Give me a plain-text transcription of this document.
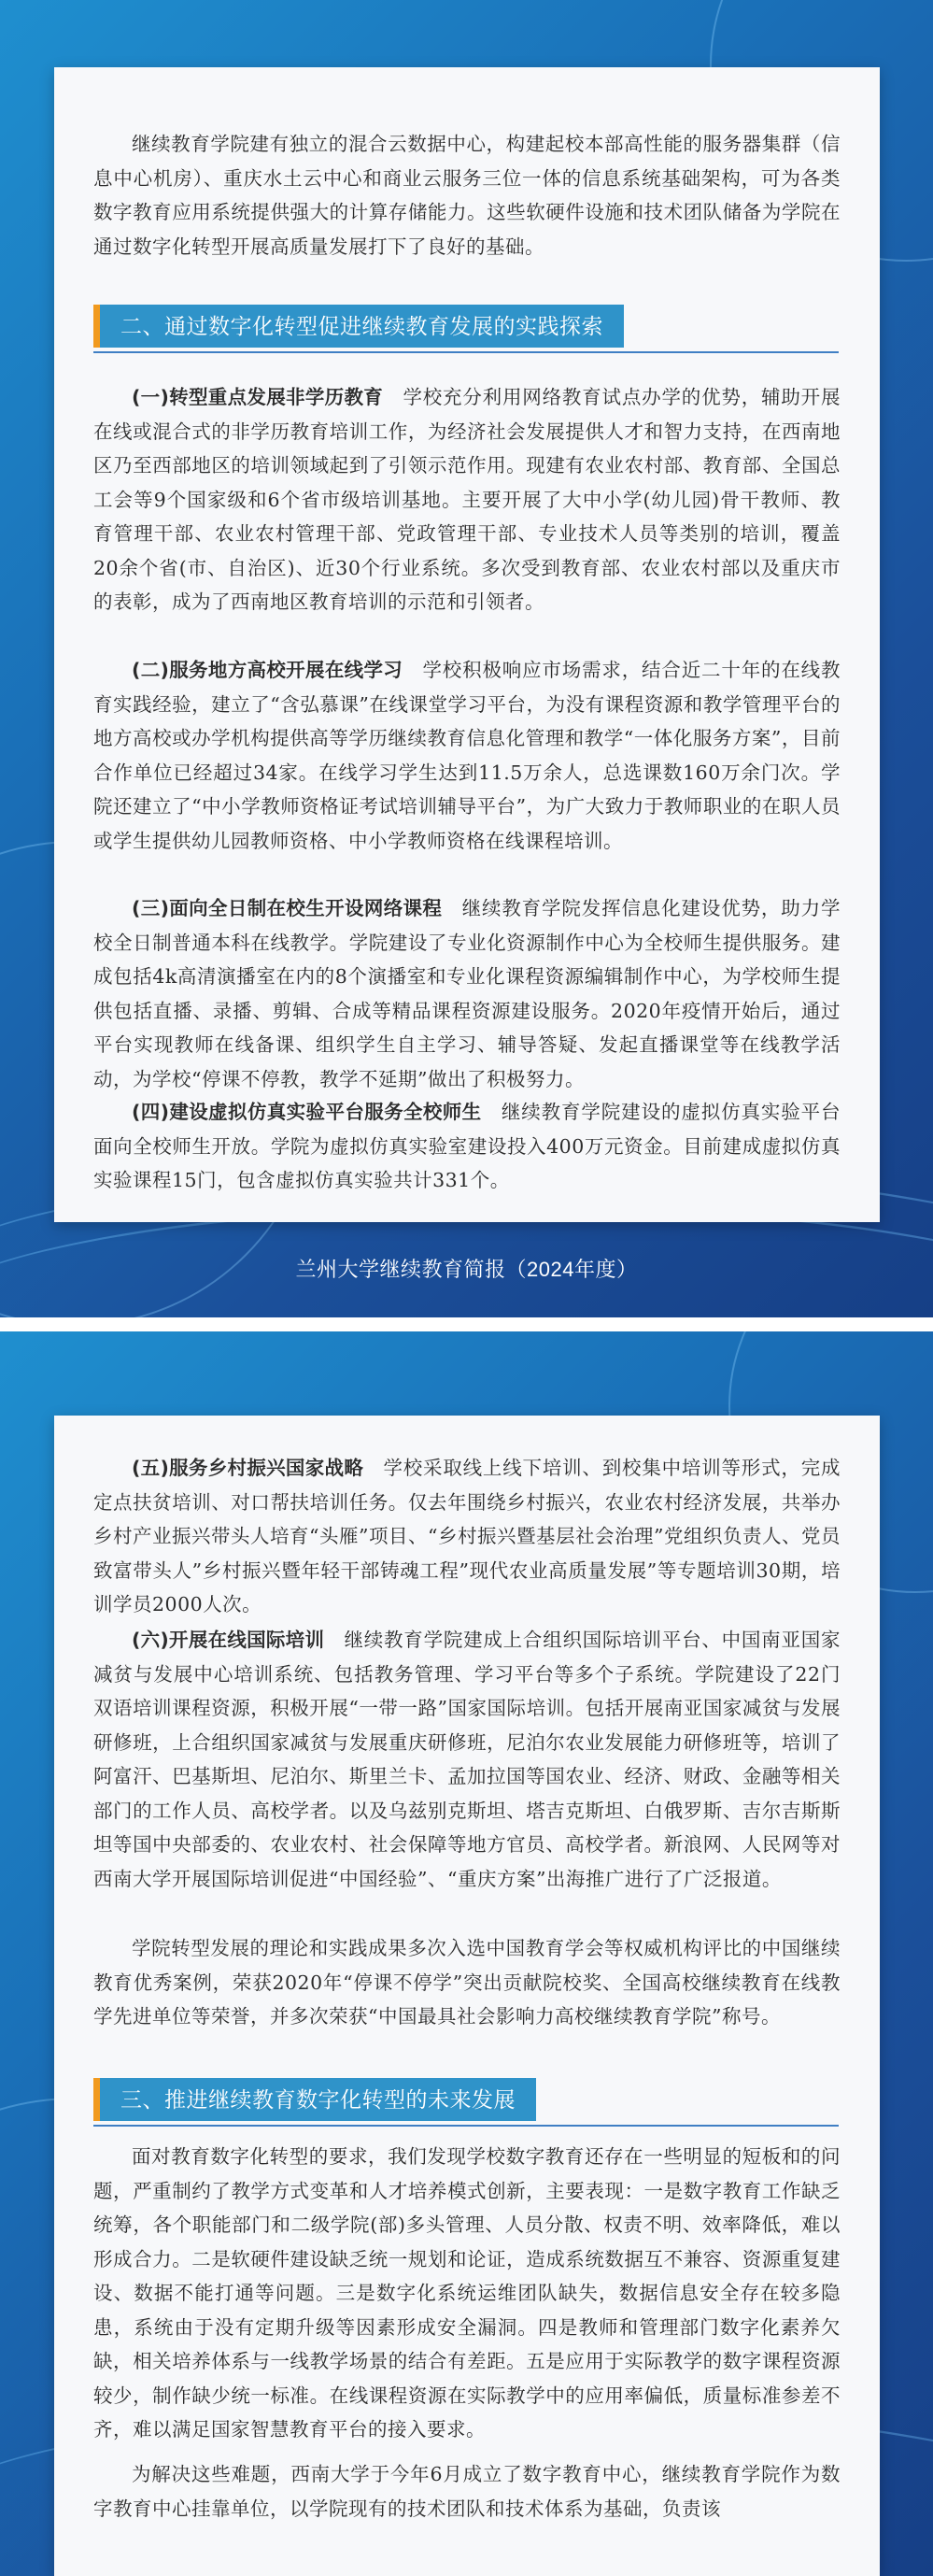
继续教育学院建有独立的混合云数据中心，构建起校本部高性能的服务器集群（信息中心机房）、重庆水土云中心和商业云服务三位一体的信息系统基础架构，可为各类数字教育应用系统提供强大的计算存储能力。这些软硬件设施和技术团队储备为学院在通过数字化转型开展高质量发展打下了良好的基础。

二、通过数字化转型促进继续教育发展的实践探索

(一)转型重点发展非学历教育　 学校充分利用网络教育试点办学的优势，辅助开展在线或混合式的非学历教育培训工作，为经济社会发展提供人才和智力支持，在西南地区乃至西部地区的培训领域起到了引领示范作用。现建有农业农村部、教育部、全国总工会等9个国家级和6个省市级培训基地。主要开展了大中小学(幼儿园)骨干教师、教育管理干部、农业农村管理干部、党政管理干部、专业技术人员等类别的培训，覆盖20余个省(市、自治区)、近30个行业系统。多次受到教育部、农业农村部以及重庆市的表彰，成为了西南地区教育培训的示范和引领者。

(二)服务地方高校开展在线学习　 学校积极响应市场需求，结合近二十年的在线教育实践经验，建立了“含弘慕课”在线课堂学习平台，为没有课程资源和教学管理平台的地方高校或办学机构提供高等学历继续教育信息化管理和教学“一体化服务方案”，目前合作单位已经超过34家。在线学习学生达到11.5万余人，总选课数160万余门次。学院还建立了“中小学教师资格证考试培训辅导平台”，为广大致力于教师职业的在职人员或学生提供幼儿园教师资格、中小学教师资格在线课程培训。

(三)面向全日制在校生开设网络课程　 继续教育学院发挥信息化建设优势，助力学校全日制普通本科在线教学。学院建设了专业化资源制作中心为全校师生提供服务。建成包括4k高清演播室在内的8个演播室和专业化课程资源编辑制作中心，为学校师生提供包括直播、录播、剪辑、合成等精品课程资源建设服务。2020年疫情开始后，通过平台实现教师在线备课、组织学生自主学习、辅导答疑、发起直播课堂等在线教学活动，为学校“停课不停教，教学不延期”做出了积极努力。

(四)建设虚拟仿真实验平台服务全校师生　 继续教育学院建设的虚拟仿真实验平台面向全校师生开放。学院为虚拟仿真实验室建设投入400万元资金。目前建成虚拟仿真实验课程15门，包含虚拟仿真实验共计331个。

兰州大学继续教育简报（2024年度）

(五)服务乡村振兴国家战略　 学校采取线上线下培训、到校集中培训等形式，完成定点扶贫培训、对口帮扶培训任务。仅去年围绕乡村振兴，农业农村经济发展，共举办乡村产业振兴带头人培育“头雁”项目、“乡村振兴暨基层社会治理”党组织负责人、党员致富带头人”乡村振兴暨年轻干部铸魂工程”现代农业高质量发展”等专题培训30期，培训学员2000人次。

(六)开展在线国际培训　 继续教育学院建成上合组织国际培训平台、中国南亚国家减贫与发展中心培训系统、包括教务管理、学习平台等多个子系统。学院建设了22门双语培训课程资源，积极开展“一带一路”国家国际培训。包括开展南亚国家减贫与发展研修班，上合组织国家减贫与发展重庆研修班，尼泊尔农业发展能力研修班等，培训了阿富汗、巴基斯坦、尼泊尔、斯里兰卡、孟加拉国等国农业、经济、财政、金融等相关部门的工作人员、高校学者。以及乌兹别克斯坦、塔吉克斯坦、白俄罗斯、吉尔吉斯斯坦等国中央部委的、农业农村、社会保障等地方官员、高校学者。新浪网、人民网等对西南大学开展国际培训促进“中国经验”、“重庆方案”出海推广进行了广泛报道。

学院转型发展的理论和实践成果多次入选中国教育学会等权威机构评比的中国继续教育优秀案例，荣获2020年“停课不停学”突出贡献院校奖、全国高校继续教育在线教学先进单位等荣誉，并多次荣获“中国最具社会影响力高校继续教育学院”称号。

三、推进继续教育数字化转型的未来发展

面对教育数字化转型的要求，我们发现学校数字教育还存在一些明显的短板和的问题，严重制约了教学方式变革和人才培养模式创新，主要表现：一是数字教育工作缺乏统筹，各个职能部门和二级学院(部)多头管理、人员分散、权责不明、效率降低，难以形成合力。二是软硬件建设缺乏统一规划和论证，造成系统数据互不兼容、资源重复建设、数据不能打通等问题。三是数字化系统运维团队缺失，数据信息安全存在较多隐患，系统由于没有定期升级等因素形成安全漏洞。四是教师和管理部门数字化素养欠缺，相关培养体系与一线教学场景的结合有差距。五是应用于实际教学的数字课程资源较少，制作缺少统一标准。在线课程资源在实际教学中的应用率偏低，质量标准参差不齐，难以满足国家智慧教育平台的接入要求。

为解决这些难题，西南大学于今年6月成立了数字教育中心，继续教育学院作为数字教育中心挂靠单位，以学院现有的技术团队和技术体系为基础，负责该
